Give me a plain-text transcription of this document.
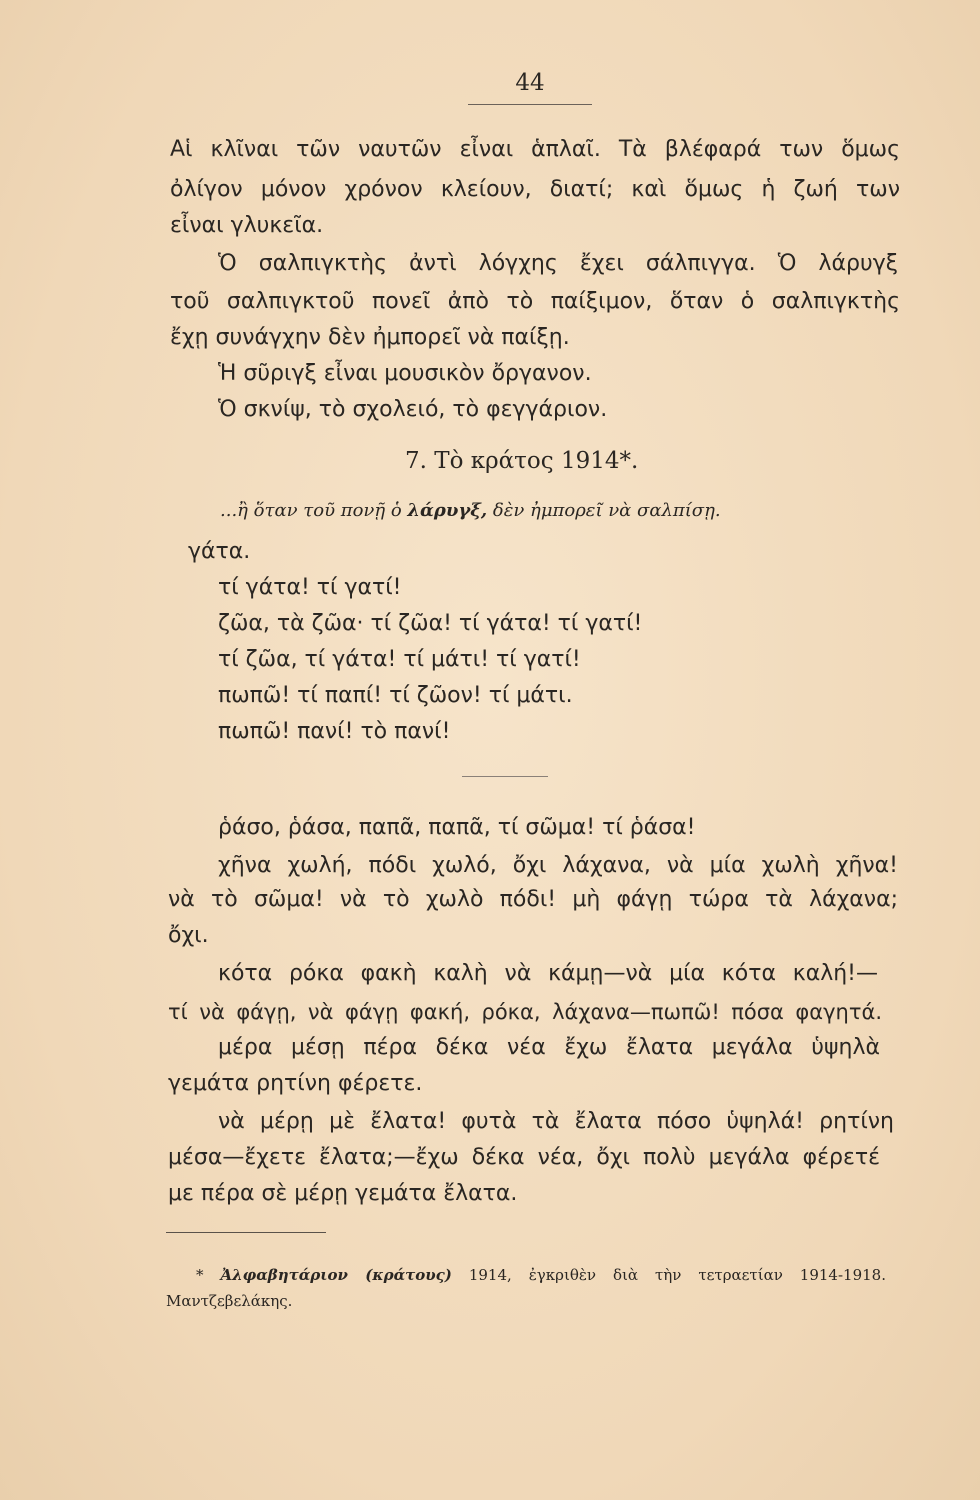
44
Αἱ κλῖναι τῶν ναυτῶν εἶναι ἁπλαῖ. Τὰ βλέφαρά των ὅμως
ὀλίγον μόνον χρόνον κλείουν, διατί; καὶ ὅμως ἡ ζωή των
εἶναι γλυκεῖα.
Ὁ σαλπιγκτὴς ἀντὶ λόγχης ἔχει σάλπιγγα. Ὁ λάρυγξ
τοῦ σαλπιγκτοῦ πονεῖ ἀπὸ τὸ παίξιμον, ὅταν ὁ σαλπιγκτὴς
ἔχῃ συνάγχην δὲν ἠμπορεῖ νὰ παίξῃ.
Ἡ σῦριγξ εἶναι μουσικὸν ὄργανον.
Ὁ σκνίψ, τὸ σχολειό, τὸ φεγγάριον.
7. Τὸ κράτος 1914*.
...ἢ ὅταν τοῦ πονῇ ὁ λάρυγξ, δὲν ἠμπορεῖ νὰ σαλπίσῃ.
γάτα.
τί γάτα! τί γατί!
ζῶα, τὰ ζῶα· τί ζῶα! τί γάτα! τί γατί!
τί ζῶα, τί γάτα! τί μάτι! τί γατί!
πωπῶ! τί παπί! τί ζῶον! τί μάτι.
πωπῶ! πανί! τὸ πανί!
ῥάσο, ῥάσα, παπᾶ, παπᾶ, τί σῶμα! τί ῥάσα!
χῆνα χωλή, πόδι χωλό, ὄχι λάχανα, νὰ μία χωλὴ χῆνα!
νὰ τὸ σῶμα! νὰ τὸ χωλὸ πόδι! μὴ φάγῃ τώρα τὰ λάχανα;
ὄχι.
κότα ρόκα φακὴ καλὴ νὰ κάμῃ—νὰ μία κότα καλή!—
τί νὰ φάγῃ, νὰ φάγῃ φακή, ρόκα, λάχανα—πωπῶ! πόσα φαγητά.
μέρα μέσῃ πέρα δέκα νέα ἔχω ἔλατα μεγάλα ὑψηλὰ
γεμάτα ρητίνη φέρετε.
νὰ μέρῃ μὲ ἔλατα! φυτὰ τὰ ἔλατα πόσο ὑψηλά! ρητίνη
μέσα—ἔχετε ἔλατα;—ἔχω δέκα νέα, ὄχι πολὺ μεγάλα φέρετέ
με πέρα σὲ μέρῃ γεμάτα ἔλατα.
* Ἀλφαβητάριον (κράτους) 1914, ἐγκριθὲν διὰ τὴν τετραετίαν 1914-1918.
Μαντζεβελάκης.
